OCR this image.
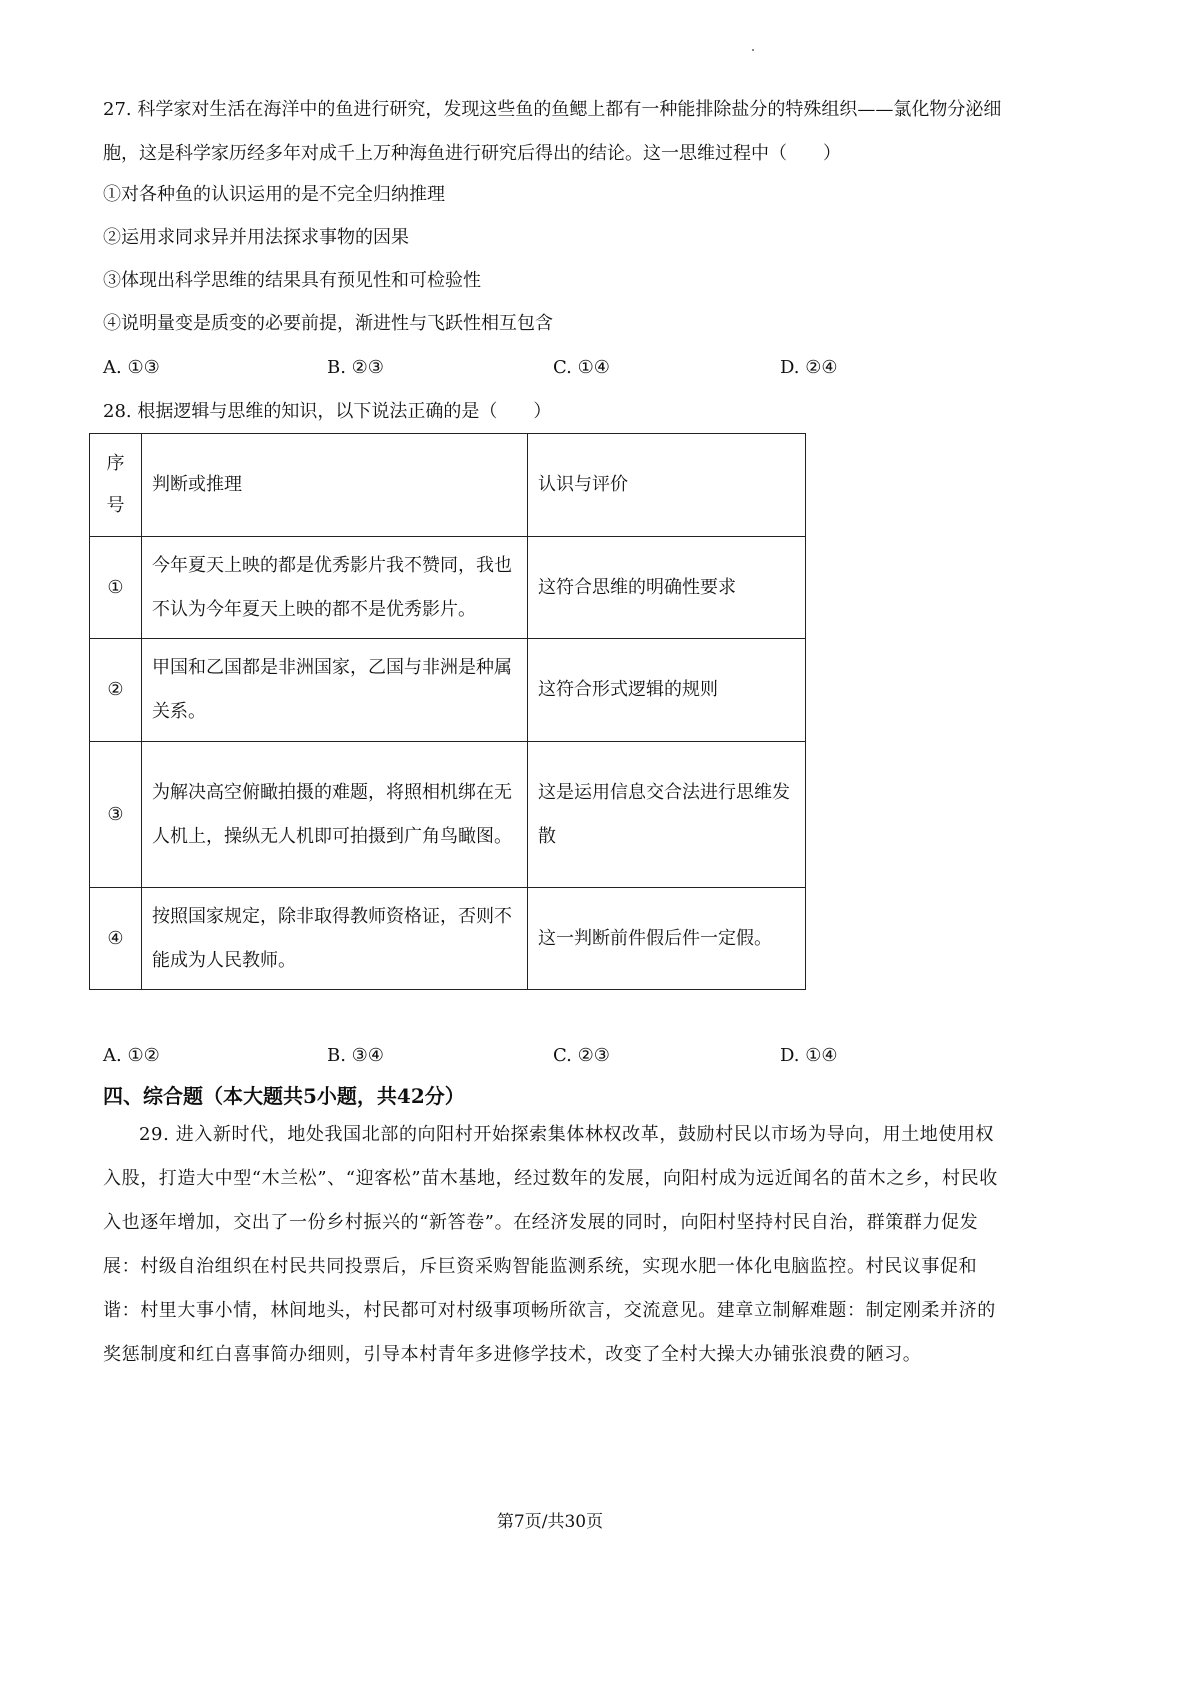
27. 科学家对生活在海洋中的鱼进行研究，发现这些鱼的鱼鳃上都有一种能排除盐分的特殊组织——氯化物分泌细胞，这是科学家历经多年对成千上万种海鱼进行研究后得出的结论。这一思维过程中（　　）
①对各种鱼的认识运用的是不完全归纳推理
②运用求同求异并用法探求事物的因果
③体现出科学思维的结果具有预见性和可检验性
④说明量变是质变的必要前提，渐进性与飞跃性相互包含
A. ①③	B. ②③	C. ①④	D. ②④
28. 根据逻辑与思维的知识，以下说法正确的是（　　）
序号	判断或推理	认识与评价
①	今年夏天上映的都是优秀影片我不赞同，我也不认为今年夏天上映的都不是优秀影片。	这符合思维的明确性要求
②	甲国和乙国都是非洲国家，乙国与非洲是种属关系。	这符合形式逻辑的规则
③	为解决高空俯瞰拍摄的难题，将照相机绑在无人机上，操纵无人机即可拍摄到广角鸟瞰图。	这是运用信息交合法进行思维发散
④	按照国家规定，除非取得教师资格证，否则不能成为人民教师。	这一判断前件假后件一定假。
A. ①②	B. ③④	C. ②③	D. ①④
四、综合题（本大题共5小题，共42分）
29. 进入新时代，地处我国北部的向阳村开始探索集体林权改革，鼓励村民以市场为导向，用土地使用权入股，打造大中型“木兰松”、“迎客松”苗木基地，经过数年的发展，向阳村成为远近闻名的苗木之乡，村民收入也逐年增加，交出了一份乡村振兴的“新答卷”。在经济发展的同时，向阳村坚持村民自治，群策群力促发展：村级自治组织在村民共同投票后，斥巨资采购智能监测系统，实现水肥一体化电脑监控。村民议事促和谐：村里大事小情，林间地头，村民都可对村级事项畅所欲言，交流意见。建章立制解难题：制定刚柔并济的奖惩制度和红白喜事简办细则，引导本村青年多进修学技术，改变了全村大操大办铺张浪费的陋习。
第7页/共30页
